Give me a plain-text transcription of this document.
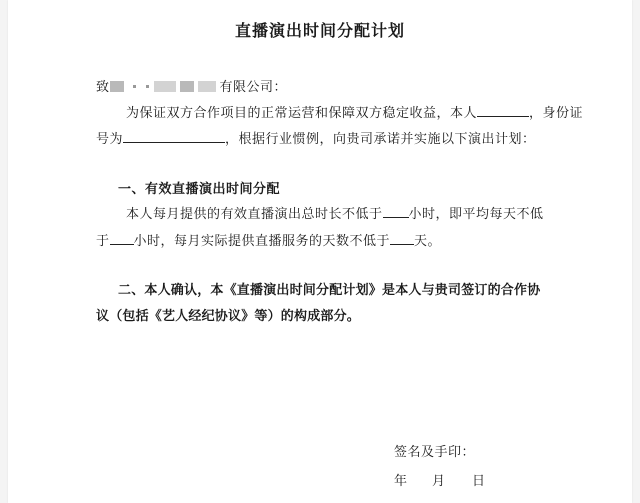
直播演出时间分配计划
致	有限公司：
为保证双方合作项目的正常运营和保障双方稳定收益，本人	，身份证
号为	，根据行业惯例，向贵司承诺并实施以下演出计划：
一、有效直播演出时间分配
本人每月提供的有效直播演出总时长不低于 小时，即平均每天不低
于 小时，每月实际提供直播服务的天数不低于 天。
二、本人确认，本《直播演出时间分配计划》是本人与贵司签订的合作协
议（包括《艺人经纪协议》等）的构成部分。
签名及手印：
年 月 日
